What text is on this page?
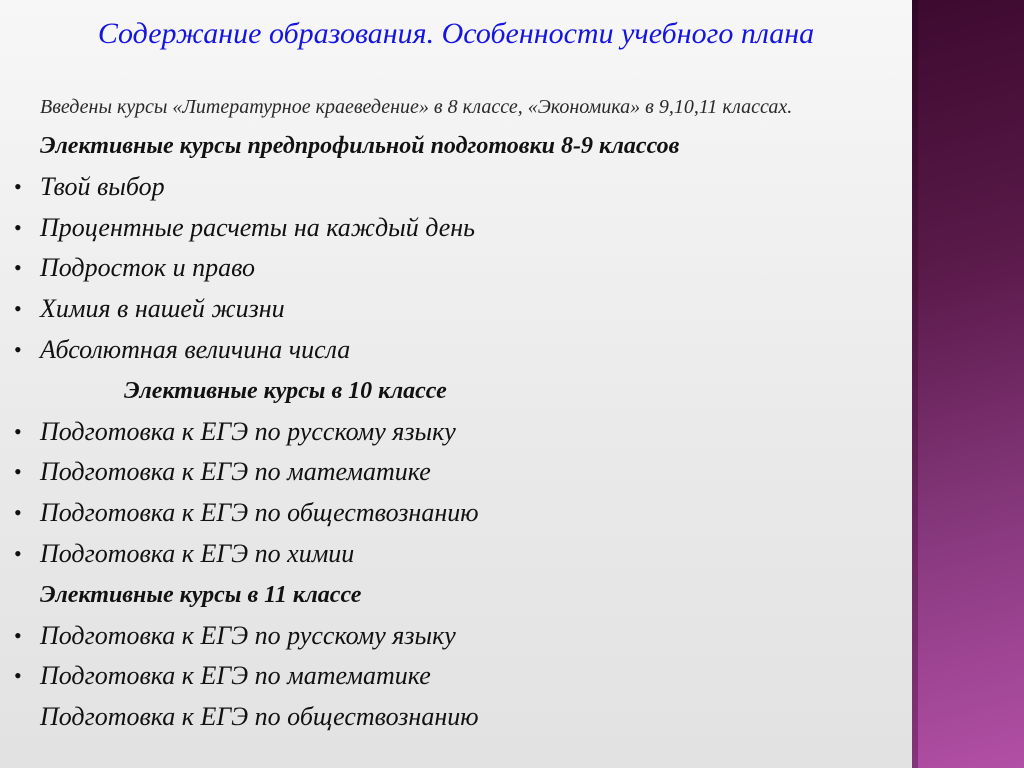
Содержание образования. Особенности учебного плана
Введены курсы «Литературное краеведение» в 8 классе, «Экономика» в 9,10,11 классах.
Элективные курсы предпрофильной подготовки 8-9 классов
• Твой выбор
• Процентные расчеты на каждый день
• Подросток и право
• Химия в нашей жизни
• Абсолютная величина числа
Элективные курсы в 10 классе
• Подготовка к ЕГЭ по русскому языку
• Подготовка к ЕГЭ по математике
• Подготовка к ЕГЭ по обществознанию
• Подготовка к ЕГЭ по химии
Элективные курсы в 11 классе
• Подготовка к ЕГЭ по русскому языку
• Подготовка к ЕГЭ по математике
Подготовка к ЕГЭ по обществознанию
